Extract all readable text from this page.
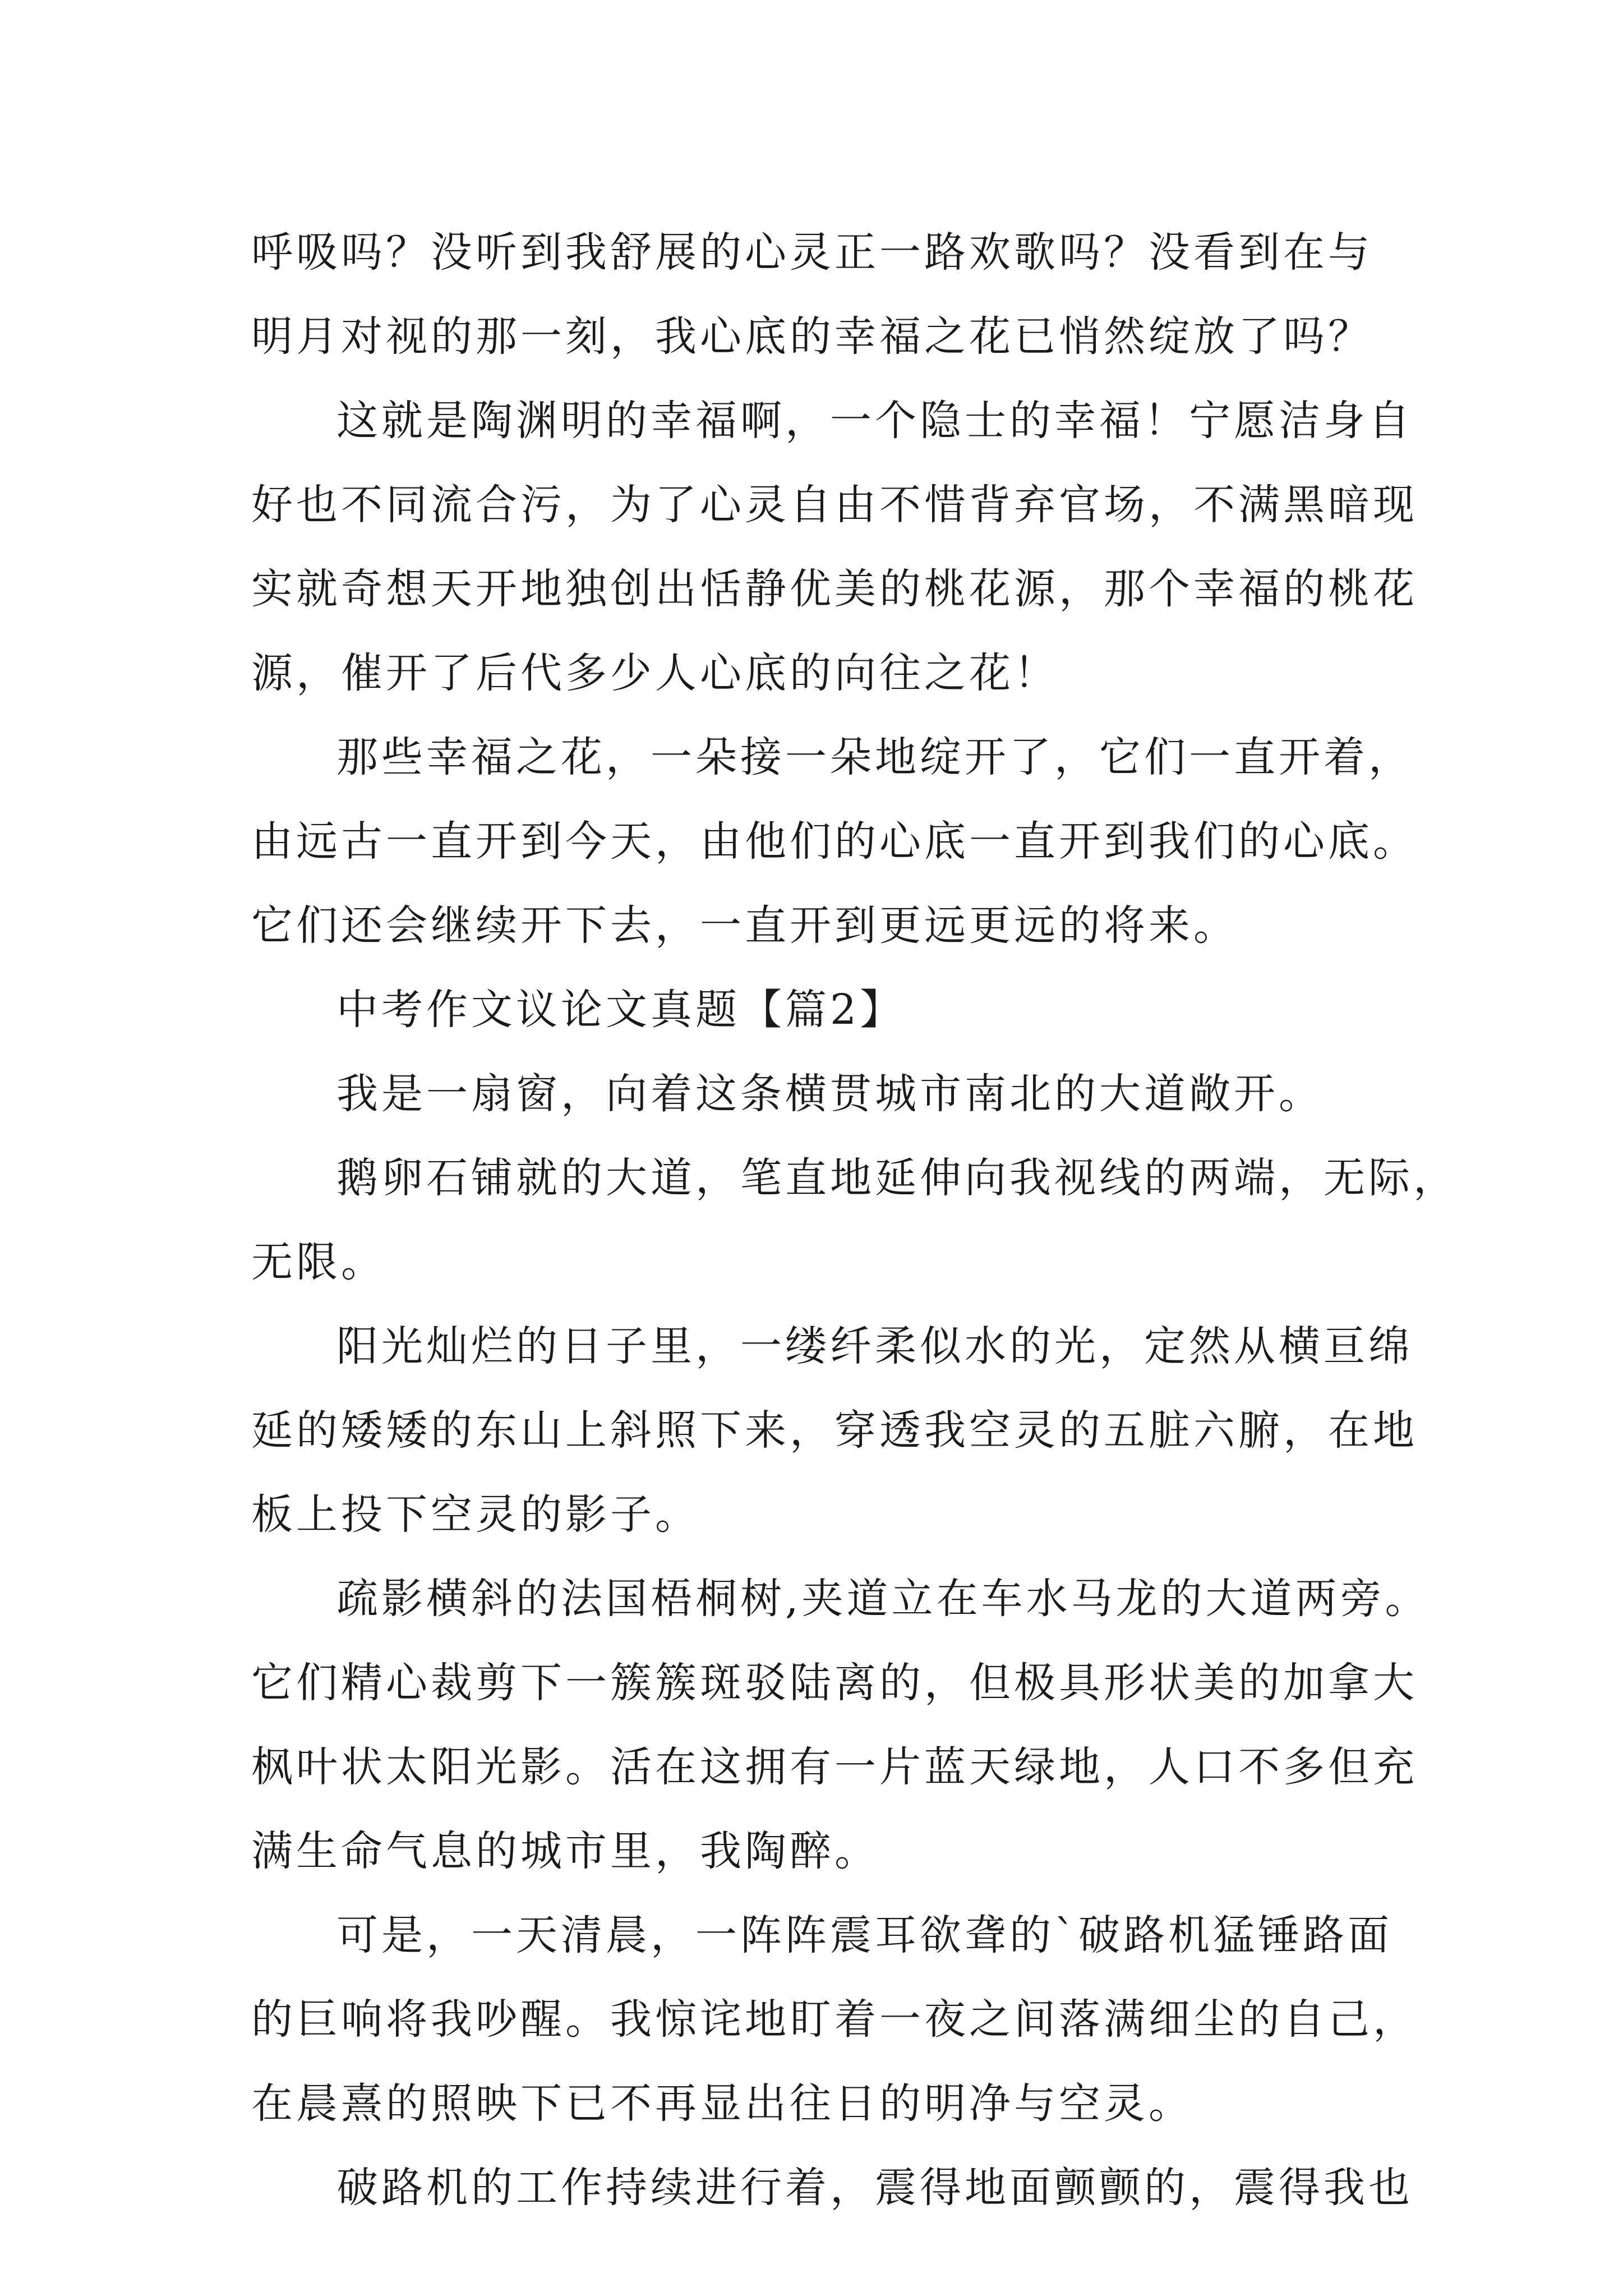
呼吸吗？没听到我舒展的心灵正一路欢歌吗？没看到在与
明月对视的那一刻，我心底的幸福之花已悄然绽放了吗？
这就是陶渊明的幸福啊，一个隐士的幸福！宁愿洁身自
好也不同流合污，为了心灵自由不惜背弃官场，不满黑暗现
实就奇想天开地独创出恬静优美的桃花源，那个幸福的桃花
源，催开了后代多少人心底的向往之花！
那些幸福之花，一朵接一朵地绽开了，它们一直开着，
由远古一直开到今天，由他们的心底一直开到我们的心底。
它们还会继续开下去，一直开到更远更远的将来。
中考作文议论文真题【篇2】
我是一扇窗，向着这条横贯城市南北的大道敞开。
鹅卵石铺就的大道，笔直地延伸向我视线的两端，无际，
无限。
阳光灿烂的日子里，一缕纤柔似水的光，定然从横亘绵
延的矮矮的东山上斜照下来，穿透我空灵的五脏六腑，在地
板上投下空灵的影子。
疏影横斜的法国梧桐树,夹道立在车水马龙的大道两旁。
它们精心裁剪下一簇簇斑驳陆离的，但极具形状美的加拿大
枫叶状太阳光影。活在这拥有一片蓝天绿地，人口不多但充
满生命气息的城市里，我陶醉。
可是，一天清晨，一阵阵震耳欲聋的`破路机猛锤路面
的巨响将我吵醒。我惊诧地盯着一夜之间落满细尘的自己，
在晨熹的照映下已不再显出往日的明净与空灵。
破路机的工作持续进行着，震得地面颤颤的，震得我也
